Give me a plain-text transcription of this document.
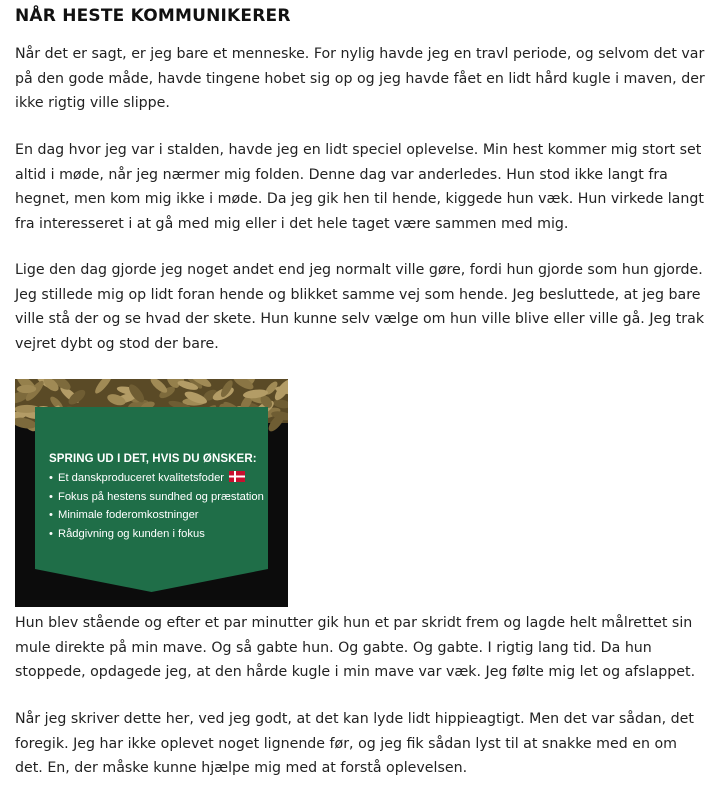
NÅR HESTE KOMMUNIKERER

Når det er sagt, er jeg bare et menneske. For nylig havde jeg en travl periode, og selvom det var på den gode måde, havde tingene hobet sig op og jeg havde fået en lidt hård kugle i maven, der ikke rigtig ville slippe.

En dag hvor jeg var i stalden, havde jeg en lidt speciel oplevelse. Min hest kommer mig stort set altid i møde, når jeg nærmer mig folden. Denne dag var anderledes. Hun stod ikke langt fra hegnet, men kom mig ikke i møde. Da jeg gik hen til hende, kiggede hun væk. Hun virkede langt fra interesseret i at gå med mig eller i det hele taget være sammen med mig.

Lige den dag gjorde jeg noget andet end jeg normalt ville gøre, fordi hun gjorde som hun gjorde. Jeg stillede mig op lidt foran hende og blikket samme vej som hende. Jeg besluttede, at jeg bare ville stå der og se hvad der skete. Hun kunne selv vælge om hun ville blive eller ville gå. Jeg trak vejret dybt og stod der bare.

SPRING UD I DET, HVIS DU ØNSKER:
• Et danskproduceret kvalitetsfoder
• Fokus på hestens sundhed og præstation
• Minimale foderomkostninger
• Rådgivning og kunden i fokus

Hun blev stående og efter et par minutter gik hun et par skridt frem og lagde helt målrettet sin mule direkte på min mave. Og så gabte hun. Og gabte. Og gabte. I rigtig lang tid. Da hun stoppede, opdagede jeg, at den hårde kugle i min mave var væk. Jeg følte mig let og afslappet.

Når jeg skriver dette her, ved jeg godt, at det kan lyde lidt hippieagtigt. Men det var sådan, det foregik. Jeg har ikke oplevet noget lignende før, og jeg fik sådan lyst til at snakke med en om det. En, der måske kunne hjælpe mig med at forstå oplevelsen.
